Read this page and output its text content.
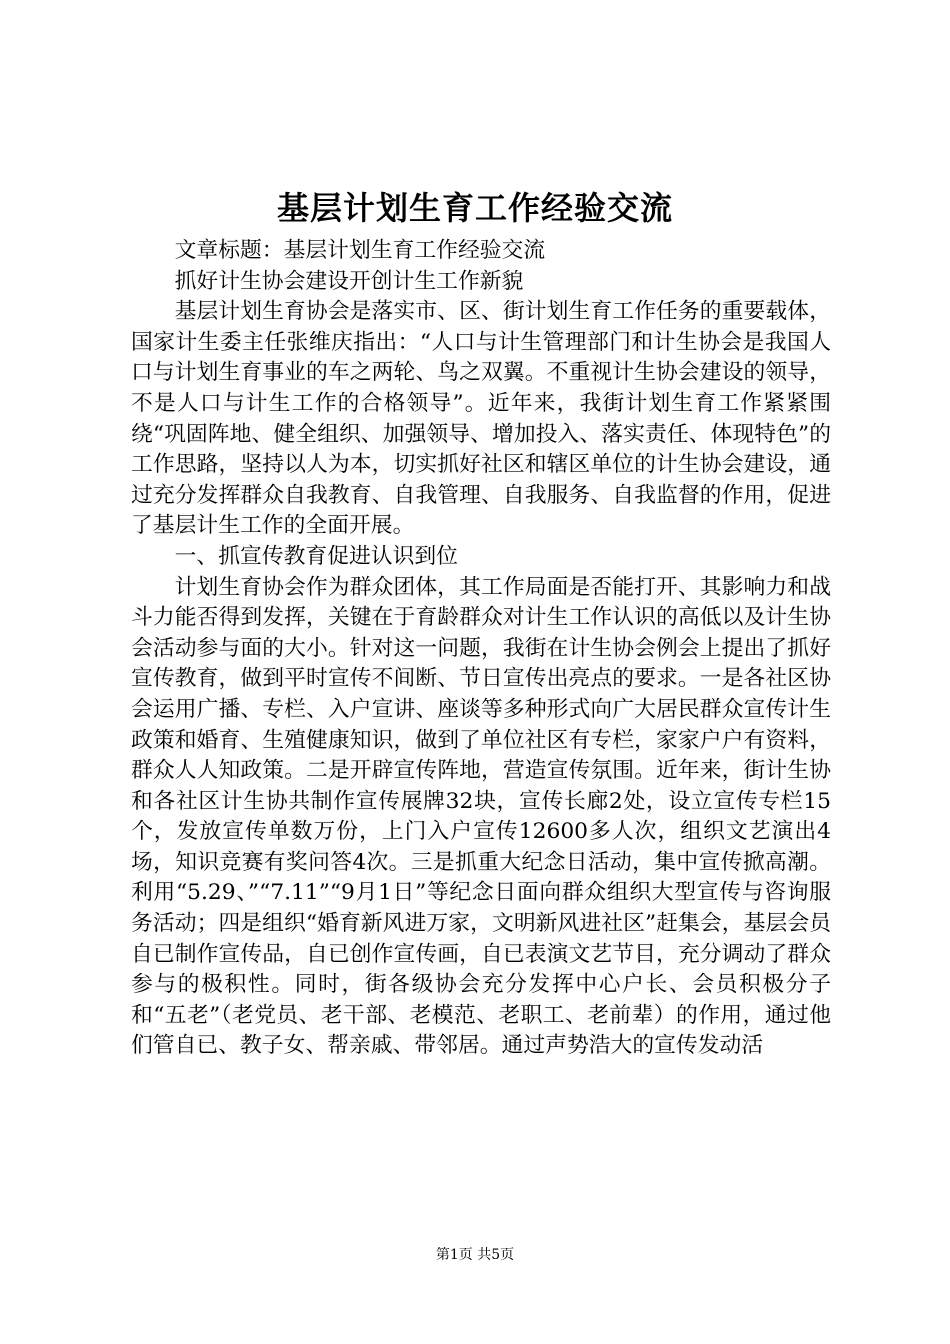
基层计划生育工作经验交流

文章标题：基层计划生育工作经验交流

抓好计生协会建设开创计生工作新貌

基层计划生育协会是落实市、区、街计划生育工作任务的重要载体，国家计生委主任张维庆指出：“人口与计生管理部门和计生协会是我国人口与计划生育事业的车之两轮、鸟之双翼。不重视计生协会建设的领导，不是人口与计生工作的合格领导”。近年来，我街计划生育工作紧紧围绕“巩固阵地、健全组织、加强领导、增加投入、落实责任、体现特色”的工作思路，坚持以人为本，切实抓好社区和辖区单位的计生协会建设，通过充分发挥群众自我教育、自我管理、自我服务、自我监督的作用，促进了基层计生工作的全面开展。

一、抓宣传教育促进认识到位

计划生育协会作为群众团体，其工作局面是否能打开、其影响力和战斗力能否得到发挥，关键在于育龄群众对计生工作认识的高低以及计生协会活动参与面的大小。针对这一问题，我街在计生协会例会上提出了抓好宣传教育，做到平时宣传不间断、节日宣传出亮点的要求。一是各社区协会运用广播、专栏、入户宣讲、座谈等多种形式向广大居民群众宣传计生政策和婚育、生殖健康知识，做到了单位社区有专栏，家家户户有资料，群众人人知政策。二是开辟宣传阵地，营造宣传氛围。近年来，街计生协和各社区计生协共制作宣传展牌32块，宣传长廊2处，设立宣传专栏15个，发放宣传单数万份，上门入户宣传12600多人次，组织文艺演出4场，知识竞赛有奖问答4次。三是抓重大纪念日活动，集中宣传掀高潮。利用“5.29、”“7.11”“9月1日”等纪念日面向群众组织大型宣传与咨询服务活动；四是组织“婚育新风进万家，文明新风进社区”赶集会，基层会员自已制作宣传品，自已创作宣传画，自已表演文艺节目，充分调动了群众参与的极积性。同时，街各级协会充分发挥中心户长、会员积极分子和“五老”（老党员、老干部、老模范、老职工、老前辈）的作用，通过他们管自已、教子女、帮亲戚、带邻居。通过声势浩大的宣传发动活

第1页 共5页
